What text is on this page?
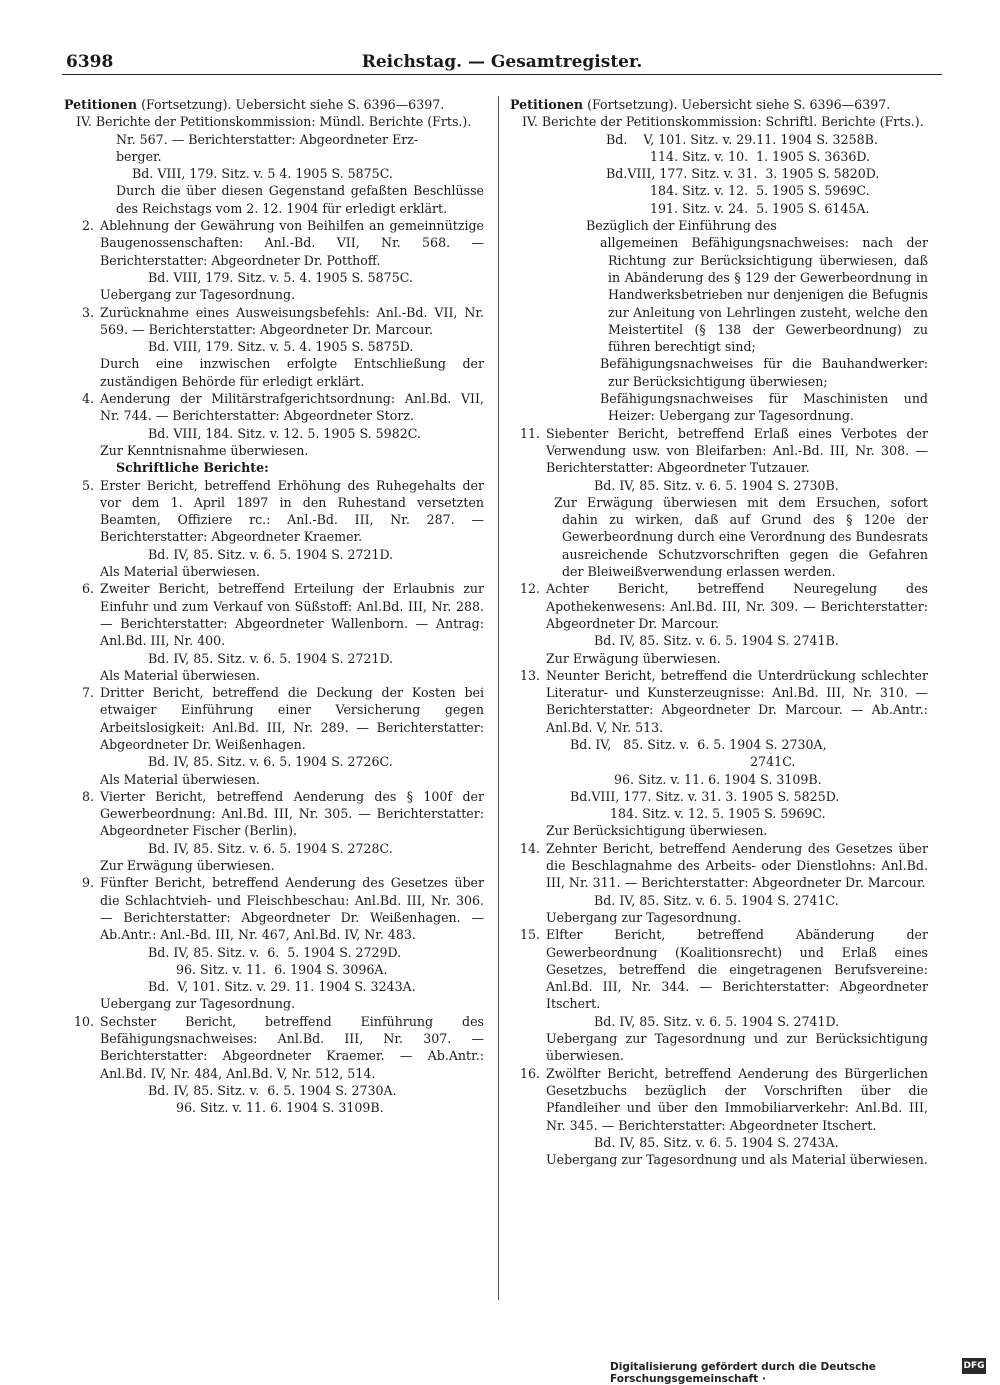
6398	Reichstag. — Gesamtregister.

Petitionen (Fortsetzung). Uebersicht siehe S. 6396—6397.

IV. Berichte der Petitionskommission: Mündl. Berichte (Frts.).

Nr. 567. — Berichterstatter: Abgeordneter Erz-
berger.

Bd. VIII, 179. Sitz. v. 5 4. 1905 S. 5875C.

Durch die über diesen Gegenstand gefaßten Beschlüsse des Reichstags vom 2. 12. 1904 für erledigt erklärt.

2. Ablehnung der Gewährung von Beihilfen an gemeinnützige Baugenossenschaften: Anl.-Bd. VII, Nr. 568. — Berichterstatter: Abgeordneter Dr. Potthoff.

Bd. VIII, 179. Sitz. v. 5. 4. 1905 S. 5875C.

Uebergang zur Tagesordnung.

3. Zurücknahme eines Ausweisungsbefehls: Anl.-Bd. VII, Nr. 569. — Berichterstatter: Abgeordneter Dr. Marcour.

Bd. VIII, 179. Sitz. v. 5. 4. 1905 S. 5875D.

Durch eine inzwischen erfolgte Entschließung der zuständigen Behörde für erledigt erklärt.

4. Aenderung der Militärstrafgerichtsordnung: Anl.Bd. VII, Nr. 744. — Berichterstatter: Abgeordneter Storz.

Bd. VIII, 184. Sitz. v. 12. 5. 1905 S. 5982C.

Zur Kenntnisnahme überwiesen.

Schriftliche Berichte:

5. Erster Bericht, betreffend Erhöhung des Ruhegehalts der vor dem 1. April 1897 in den Ruhestand versetzten Beamten, Offiziere rc.: Anl.-Bd. III, Nr. 287. — Berichterstatter: Abgeordneter Kraemer.

Bd. IV, 85. Sitz. v. 6. 5. 1904 S. 2721D.

Als Material überwiesen.

6. Zweiter Bericht, betreffend Erteilung der Erlaubnis zur Einfuhr und zum Verkauf von Süßstoff: Anl.Bd. III, Nr. 288. — Berichterstatter: Abgeordneter Wallenborn. — Antrag: Anl.Bd. III, Nr. 400.

Bd. IV, 85. Sitz. v. 6. 5. 1904 S. 2721D.

Als Material überwiesen.

7. Dritter Bericht, betreffend die Deckung der Kosten bei etwaiger Einführung einer Versicherung gegen Arbeitslosigkeit: Anl.Bd. III, Nr. 289. — Berichterstatter: Abgeordneter Dr. Weißenhagen.

Bd. IV, 85. Sitz. v. 6. 5. 1904 S. 2726C.

Als Material überwiesen.

8. Vierter Bericht, betreffend Aenderung des § 100f der Gewerbeordnung: Anl.Bd. III, Nr. 305. — Berichterstatter: Abgeordneter Fischer (Berlin).

Bd. IV, 85. Sitz. v. 6. 5. 1904 S. 2728C.

Zur Erwägung überwiesen.

9. Fünfter Bericht, betreffend Aenderung des Gesetzes über die Schlachtvieh- und Fleischbeschau: Anl.Bd. III, Nr. 306. — Berichterstatter: Abgeordneter Dr. Weißenhagen. — Ab.Antr.: Anl.-Bd. III, Nr. 467, Anl.Bd. IV, Nr. 483.

Bd. IV, 85. Sitz. v.  6.  5. 1904 S. 2729D.

96. Sitz. v. 11.  6. 1904 S. 3096A.

Bd.  V, 101. Sitz. v. 29. 11. 1904 S. 3243A.

Uebergang zur Tagesordnung.

10. Sechster Bericht, betreffend Einführung des Befähigungsnachweises: Anl.Bd. III, Nr. 307. — Berichterstatter: Abgeordneter Kraemer. — Ab.Antr.: Anl.Bd. IV, Nr. 484, Anl.Bd. V, Nr. 512, 514.

Bd. IV, 85. Sitz. v.  6. 5. 1904 S. 2730A.

96. Sitz. v. 11. 6. 1904 S. 3109B.

Petitionen (Fortsetzung). Uebersicht siehe S. 6396—6397.

IV. Berichte der Petitionskommission: Schriftl. Berichte (Frts.).

Bd.    V, 101. Sitz. v. 29.11. 1904 S. 3258B.

114. Sitz. v. 10.  1. 1905 S. 3636D.

Bd.VIII, 177. Sitz. v. 31.  3. 1905 S. 5820D.

184. Sitz. v. 12.  5. 1905 S. 5969C.

191. Sitz. v. 24.  5. 1905 S. 6145A.

Bezüglich der Einführung des

allgemeinen Befähigungsnachweises: nach der Richtung zur Berücksichtigung überwiesen, daß in Abänderung des § 129 der Gewerbeordnung in Handwerksbetrieben nur denjenigen die Befugnis zur Anleitung von Lehrlingen zusteht, welche den Meistertitel (§ 138 der Gewerbeordnung) zu führen berechtigt sind;

Befähigungsnachweises für die Bauhandwerker: zur Berücksichtigung überwiesen;

Befähigungsnachweises für Maschinisten und Heizer: Uebergang zur Tagesordnung.

11. Siebenter Bericht, betreffend Erlaß eines Verbotes der Verwendung usw. von Bleifarben: Anl.-Bd. III, Nr. 308. — Berichterstatter: Abgeordneter Tutzauer.

Bd. IV, 85. Sitz. v. 6. 5. 1904 S. 2730B.

Zur Erwägung überwiesen mit dem Ersuchen, sofort dahin zu wirken, daß auf Grund des § 120e der Gewerbeordnung durch eine Verordnung des Bundesrats ausreichende Schutzvorschriften gegen die Gefahren der Bleiweißverwendung erlassen werden.

12. Achter Bericht, betreffend Neuregelung des Apothekenwesens: Anl.Bd. III, Nr. 309. — Berichterstatter: Abgeordneter Dr. Marcour.

Bd. IV, 85. Sitz. v. 6. 5. 1904 S. 2741B.

Zur Erwägung überwiesen.

13. Neunter Bericht, betreffend die Unterdrückung schlechter Literatur- und Kunsterzeugnisse: Anl.Bd. III, Nr. 310. — Berichterstatter: Abgeordneter Dr. Marcour. — Ab.Antr.: Anl.Bd. V, Nr. 513.

Bd. IV,   85. Sitz. v.  6. 5. 1904 S. 2730A,

2741C.

96. Sitz. v. 11. 6. 1904 S. 3109B.

Bd.VIII, 177. Sitz. v. 31. 3. 1905 S. 5825D.

184. Sitz. v. 12. 5. 1905 S. 5969C.

Zur Berücksichtigung überwiesen.

14. Zehnter Bericht, betreffend Aenderung des Gesetzes über die Beschlagnahme des Arbeits- oder Dienstlohns: Anl.Bd. III, Nr. 311. — Berichterstatter: Abgeordneter Dr. Marcour.

Bd. IV, 85. Sitz. v. 6. 5. 1904 S. 2741C.

Uebergang zur Tagesordnung.

15. Elfter Bericht, betreffend Abänderung der Gewerbeordnung (Koalitionsrecht) und Erlaß eines Gesetzes, betreffend die eingetragenen Berufsvereine: Anl.Bd. III, Nr. 344. — Berichterstatter: Abgeordneter Itschert.

Bd. IV, 85. Sitz. v. 6. 5. 1904 S. 2741D.

Uebergang zur Tagesordnung und zur Berücksichtigung überwiesen.

16. Zwölfter Bericht, betreffend Aenderung des Bürgerlichen Gesetzbuchs bezüglich der Vorschriften über die Pfandleiher und über den Immobiliarverkehr: Anl.Bd. III, Nr. 345. — Berichterstatter: Abgeordneter Itschert.

Bd. IV, 85. Sitz. v. 6. 5. 1904 S. 2743A.

Uebergang zur Tagesordnung und als Material überwiesen.

Digitalisierung gefördert durch die Deutsche Forschungsgemeinschaft ·
DFG
